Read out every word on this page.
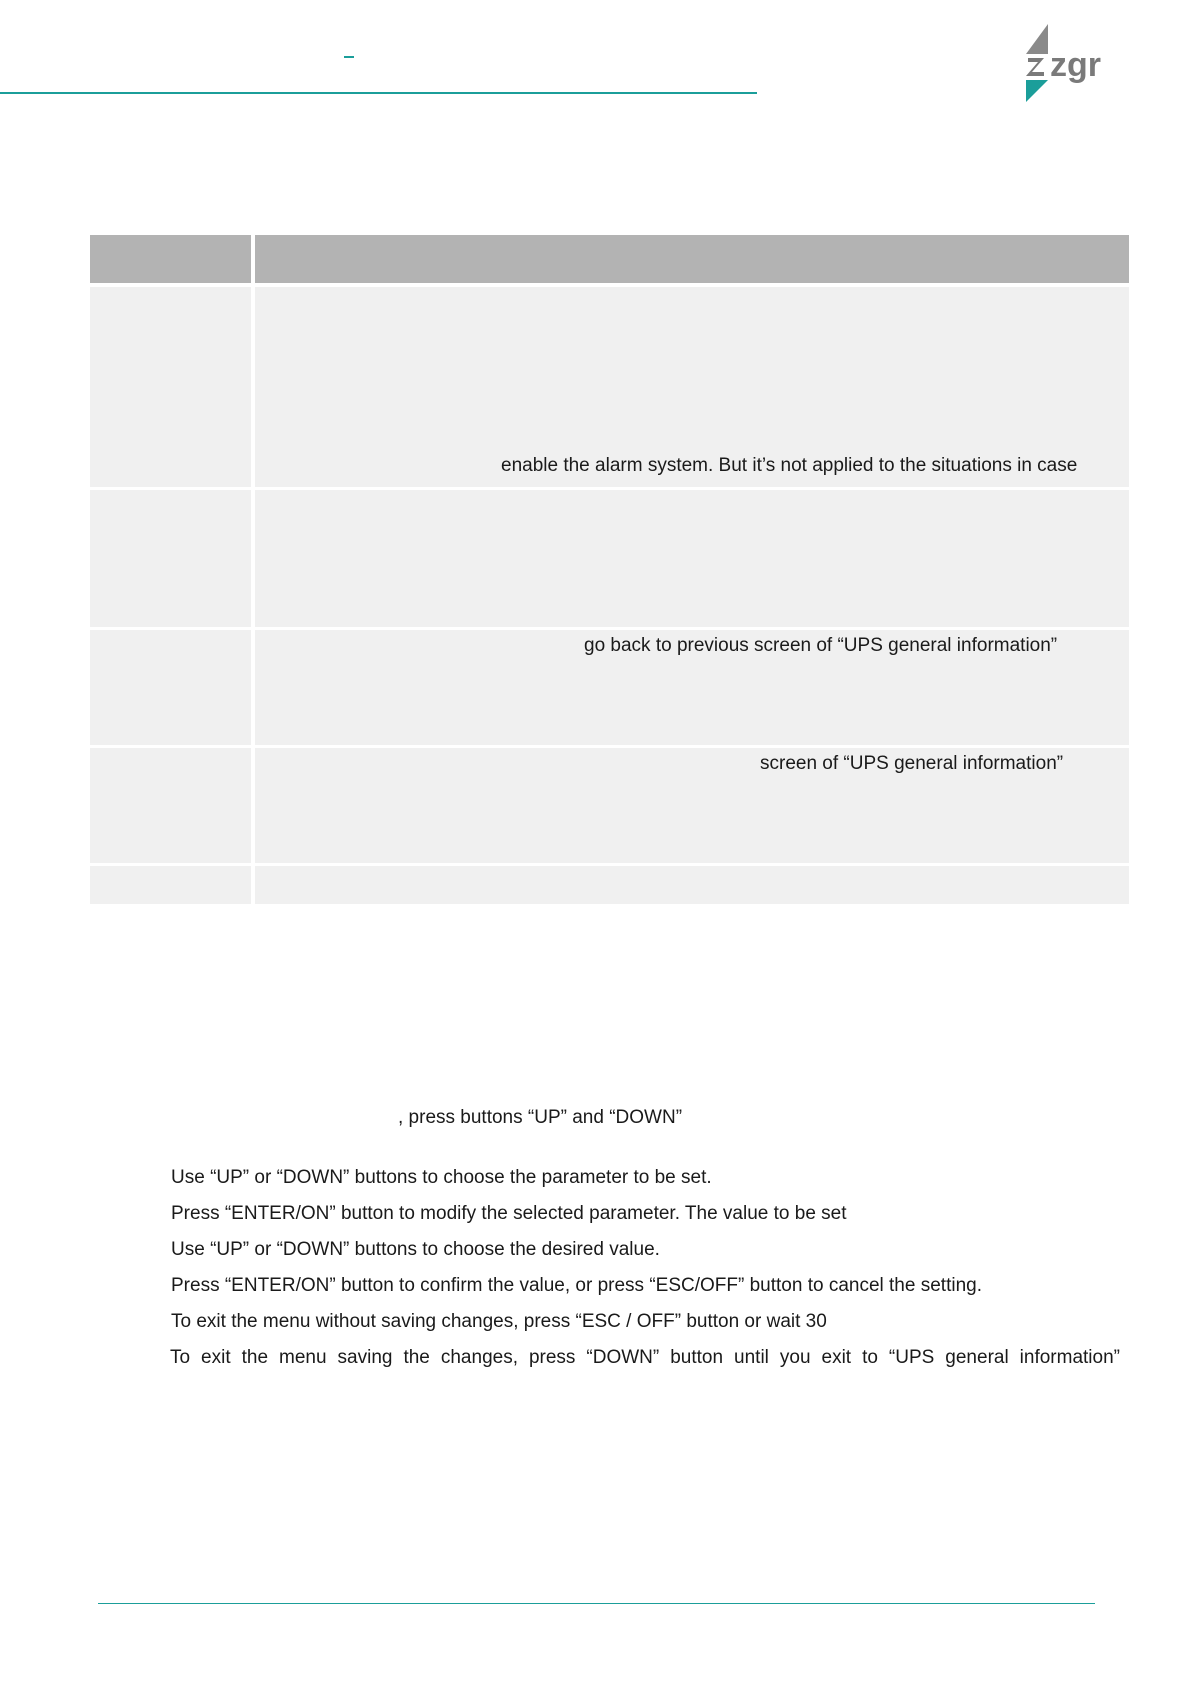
zgr
enable the alarm system. But it’s not applied to the situations in case
go back to previous screen of “UPS general information”
screen of “UPS general information”
, press buttons “UP” and “DOWN”
Use “UP” or “DOWN” buttons to choose the parameter to be set.
Press “ENTER/ON” button to modify the selected parameter. The value to be set
Use “UP” or “DOWN” buttons to choose the desired value.
Press “ENTER/ON” button to confirm the value, or press “ESC/OFF” button to cancel the setting.
To exit the menu without saving changes, press “ESC / OFF” button or wait 30
To exit the menu saving the changes, press “DOWN” button until you exit to “UPS general information”
